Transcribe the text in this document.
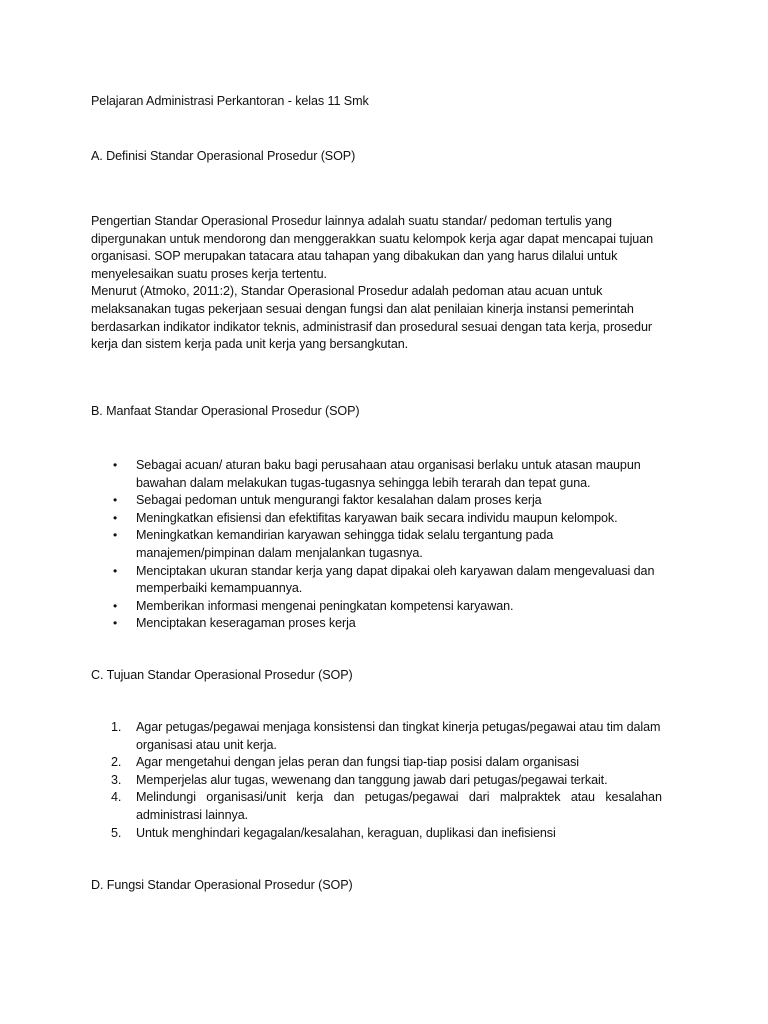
Pelajaran Administrasi Perkantoran - kelas 11 Smk
A. Definisi Standar Operasional Prosedur (SOP)
Pengertian Standar Operasional Prosedur lainnya adalah suatu standar/ pedoman tertulis yang
dipergunakan untuk mendorong dan menggerakkan suatu kelompok kerja agar dapat mencapai tujuan
organisasi. SOP merupakan tatacara atau tahapan yang dibakukan dan yang harus dilalui untuk
menyelesaikan suatu proses kerja tertentu.
Menurut (Atmoko, 2011:2), Standar Operasional Prosedur adalah pedoman atau acuan untuk
melaksanakan tugas pekerjaan sesuai dengan fungsi dan alat penilaian kinerja instansi pemerintah
berdasarkan indikator indikator teknis, administrasif dan prosedural sesuai dengan tata kerja, prosedur
kerja dan sistem kerja pada unit kerja yang bersangkutan.
B. Manfaat Standar Operasional Prosedur (SOP)
• Sebagai acuan/ aturan baku bagi perusahaan atau organisasi berlaku untuk atasan maupun
bawahan dalam melakukan tugas-tugasnya sehingga lebih terarah dan tepat guna.
• Sebagai pedoman untuk mengurangi faktor kesalahan dalam proses kerja
• Meningkatkan efisiensi dan efektifitas karyawan baik secara individu maupun kelompok.
• Meningkatkan kemandirian karyawan sehingga tidak selalu tergantung pada
manajemen/pimpinan dalam menjalankan tugasnya.
• Menciptakan ukuran standar kerja yang dapat dipakai oleh karyawan dalam mengevaluasi dan
memperbaiki kemampuannya.
• Memberikan informasi mengenai peningkatan kompetensi karyawan.
• Menciptakan keseragaman proses kerja
C. Tujuan Standar Operasional Prosedur (SOP)
1. Agar petugas/pegawai menjaga konsistensi dan tingkat kinerja petugas/pegawai atau tim dalam
organisasi atau unit kerja.
2. Agar mengetahui dengan jelas peran dan fungsi tiap-tiap posisi dalam organisasi
3. Memperjelas alur tugas, wewenang dan tanggung jawab dari petugas/pegawai terkait.
4. Melindungi organisasi/unit kerja dan petugas/pegawai dari malpraktek atau kesalahan
administrasi lainnya.
5. Untuk menghindari kegagalan/kesalahan, keraguan, duplikasi dan inefisiensi
D. Fungsi Standar Operasional Prosedur (SOP)
